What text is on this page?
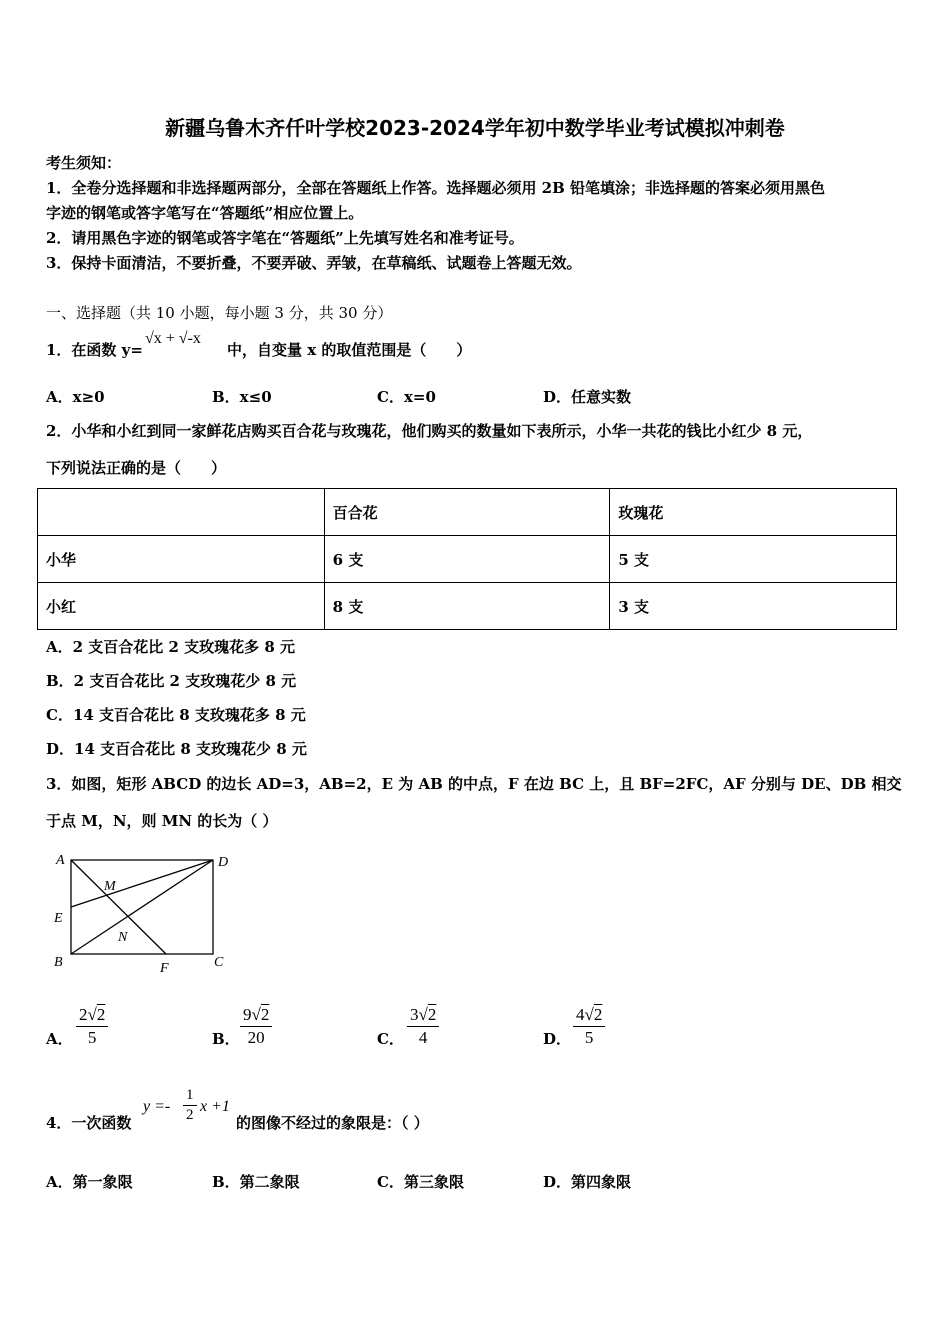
新疆乌鲁木齐仟叶学校2023-2024学年初中数学毕业考试模拟冲刺卷
考生须知：
1．全卷分选择题和非选择题两部分，全部在答题纸上作答。选择题必须用 2B 铅笔填涂；非选择题的答案必须用黑色
字迹的钢笔或答字笔写在“答题纸”相应位置上。
2．请用黑色字迹的钢笔或答字笔在“答题纸”上先填写姓名和准考证号。
3．保持卡面清洁，不要折叠，不要弄破、弄皱，在草稿纸、试题卷上答题无效。
一、选择题（共 10 小题，每小题 3 分，共 30 分）
1．在函数 y=
√x + √-x
中，自变量 x 的取值范围是（　　）
A．x≥0	B．x≤0	C．x=0	D．任意实数
2．小华和小红到同一家鲜花店购买百合花与玫瑰花，他们购买的数量如下表所示，小华一共花的钱比小红少 8 元，
下列说法正确的是（　　）
	百合花	玫瑰花
小华	6 支	5 支
小红	8 支	3 支
A．2 支百合花比 2 支玫瑰花多 8 元
B．2 支百合花比 2 支玫瑰花少 8 元
C．14 支百合花比 8 支玫瑰花多 8 元
D．14 支百合花比 8 支玫瑰花少 8 元
3．如图，矩形 ABCD 的边长 AD=3，AB=2，E 为 AB 的中点，F 在边 BC 上，且 BF=2FC，AF 分别与 DE、DB 相交
于点 M，N，则 MN 的长为（ ）
A	D
M
E
N
B	F	C
A． $\frac{2√2}{5}$	B． $\frac{9√2}{20}$	C． $\frac{3√2}{4}$	D． $\frac{4√2}{5}$
4．一次函数
$y =- \frac{1}{2}$ x +1
的图像不经过的象限是：（ ）
A．第一象限	B．第二象限	C．第三象限	D．第四象限
